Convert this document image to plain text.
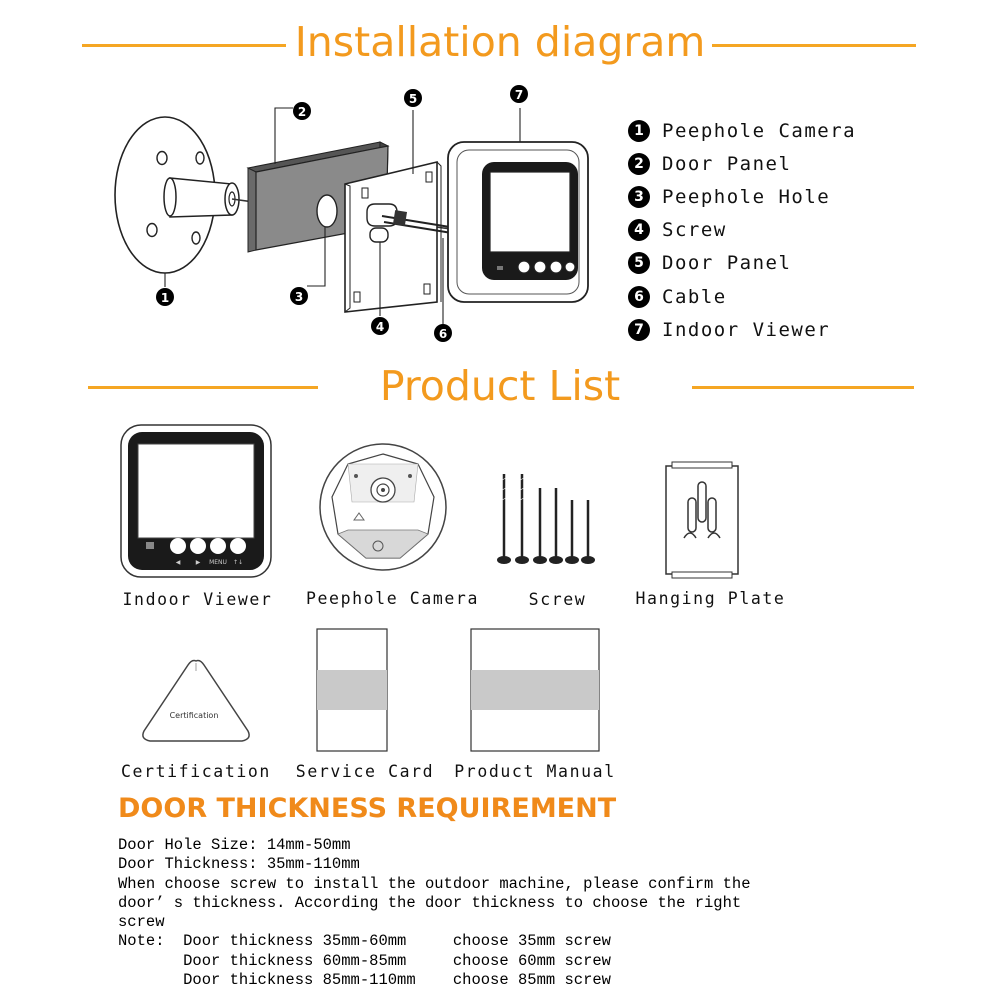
Installation diagram
1
2
3
4
5
6
7
1 Peephole Camera
2 Door Panel
3 Peephole Hole
4 Screw
5 Door Panel
6 Cable
7 Indoor Viewer
Product List
◀	▶ MENU ↑↓
Indoor Viewer	Peephole Camera	Screw	Hanging Plate
Certification
Certification	Service Card	Product Manual
DOOR THICKNESS REQUIREMENT
Door Hole Size: 14mm-50mm
Door Thickness: 35mm-110mm
When choose screw to install the outdoor machine, please confirm the
door’ s thickness. According the door thickness to choose the right
screw
Note:  Door thickness 35mm-60mm     choose 35mm screw
Door thickness 60mm-85mm     choose 60mm screw
Door thickness 85mm-110mm    choose 85mm screw
